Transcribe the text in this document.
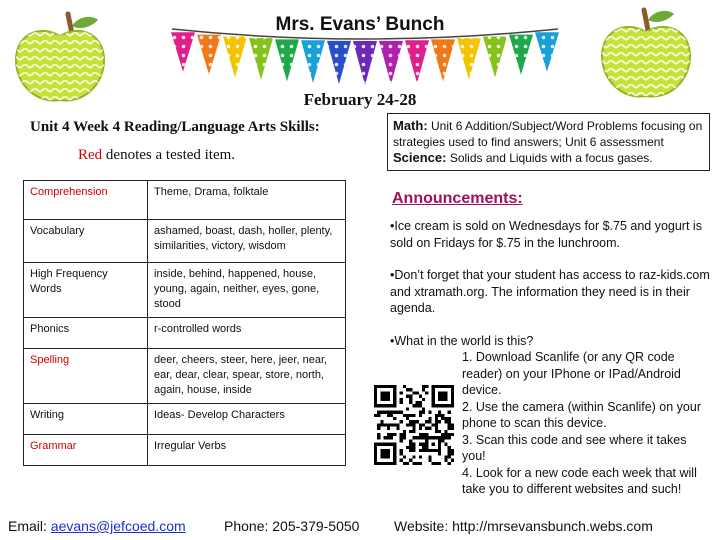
Mrs. Evans’ Bunch
February 24-28
Unit 4 Week 4 Reading/Language Arts Skills:
Red denotes a tested item.
Comprehension	Theme, Drama, folktale
Vocabulary	ashamed, boast, dash, holler, plenty, similarities, victory, wisdom
High Frequency Words	inside, behind, happened, house, young, again, neither, eyes, gone, stood
Phonics	r-controlled words
Spelling	deer, cheers, steer, here, jeer, near, ear, dear, clear, spear, store, north, again, house, inside
Writing	Ideas- Develop Characters
Grammar	Irregular Verbs
Math: Unit 6 Addition/Subject/Word Problems focusing on strategies used to find answers; Unit 6 assessment
Science: Solids and Liquids with a focus gases.
Announcements:

•Ice cream is sold on Wednesdays for $.75 and yogurt is sold on Fridays for $.75 in the lunchroom.

•Don’t forget that your student has access to raz-kids.com and xtramath.org. The information they need is in their agenda.

•What in the world is this?
1. Download Scanlife (or any QR code reader) on your IPhone or IPad/Android device.
2. Use the camera (within Scanlife) on your phone to scan this device.
3. Scan this code and see where it takes you!
4. Look for a new code each week that will take you to different websites and such!
Email: aevans@jefcoed.com	Phone: 205-379-5050 Website: http://mrsevansbunch.webs.com
